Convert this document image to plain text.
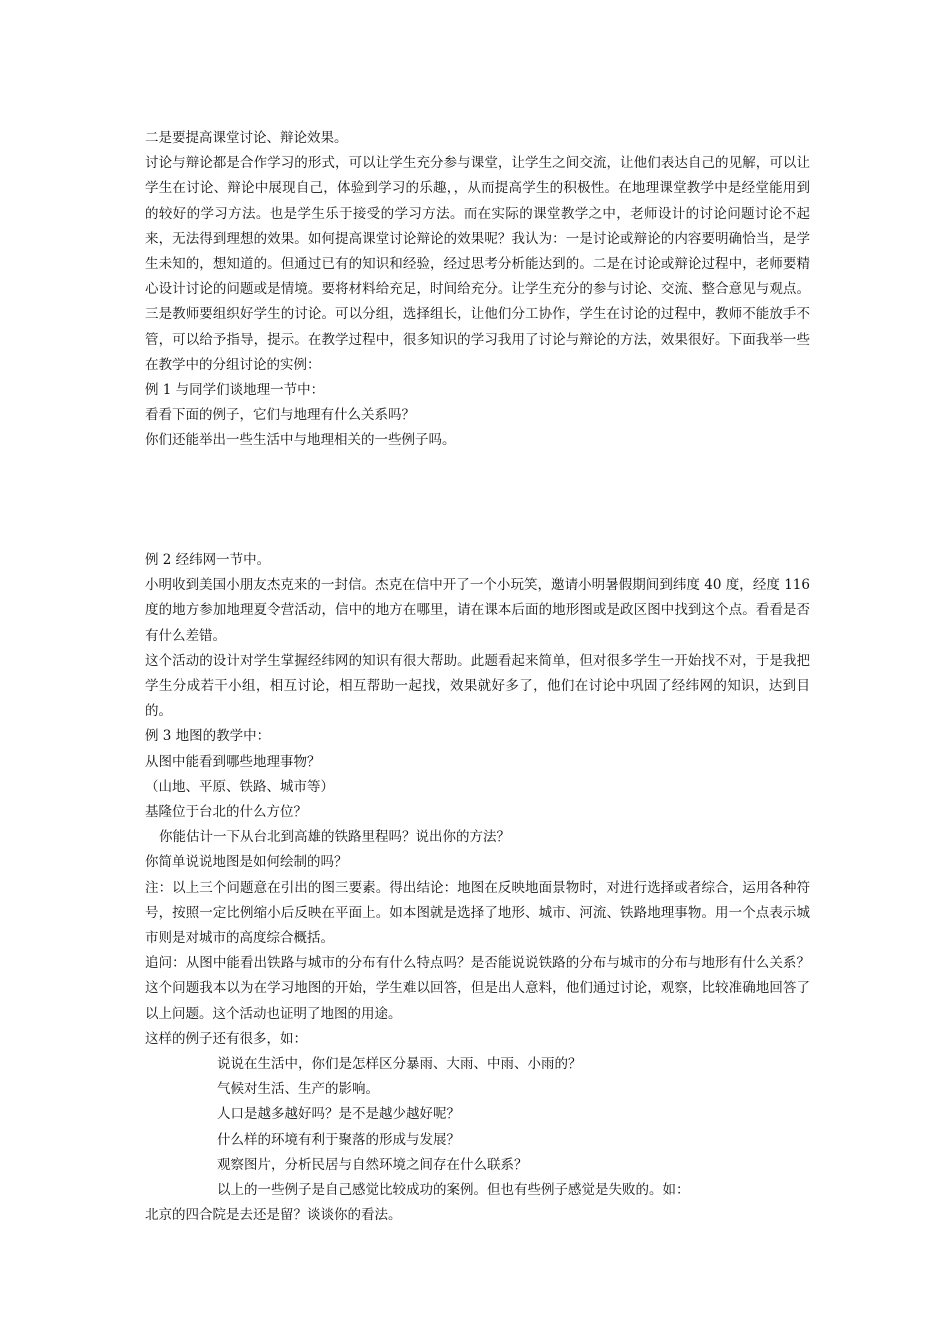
二是要提高课堂讨论、辩论效果。
讨论与辩论都是合作学习的形式，可以让学生充分参与课堂，让学生之间交流，让他们表达自己的见解，可以让学生在讨论、辩论中展现自己，体验到学习的乐趣，，从而提高学生的积极性。在地理课堂教学中是经堂能用到的较好的学习方法。也是学生乐于接受的学习方法。而在实际的课堂教学之中，老师设计的讨论问题讨论不起来，无法得到理想的效果。如何提高课堂讨论辩论的效果呢？我认为：一是讨论或辩论的内容要明确恰当，是学生未知的，想知道的。但通过已有的知识和经验，经过思考分析能达到的。二是在讨论或辩论过程中，老师要精心设计讨论的问题或是情境。要将材料给充足，时间给充分。让学生充分的参与讨论、交流、整合意见与观点。三是教师要组织好学生的讨论。可以分组，选择组长，让他们分工协作，学生在讨论的过程中，教师不能放手不管，可以给予指导，提示。在教学过程中，很多知识的学习我用了讨论与辩论的方法，效果很好。下面我举一些在教学中的分组讨论的实例：
例 1 与同学们谈地理一节中：
看看下面的例子，它们与地理有什么关系吗？
你们还能举出一些生活中与地理相关的一些例子吗。
例 2 经纬网一节中。
小明收到美国小朋友杰克来的一封信。杰克在信中开了一个小玩笑，邀请小明暑假期间到纬度 40 度，经度 116 度的地方参加地理夏令营活动，信中的地方在哪里，请在课本后面的地形图或是政区图中找到这个点。看看是否有什么差错。
这个活动的设计对学生掌握经纬网的知识有很大帮助。此题看起来简单，但对很多学生一开始找不对，于是我把学生分成若干小组，相互讨论，相互帮助一起找，效果就好多了，他们在讨论中巩固了经纬网的知识，达到目的。
例 3 地图的教学中：
从图中能看到哪些地理事物？
（山地、平原、铁路、城市等）
基隆位于台北的什么方位？
你能估计一下从台北到高雄的铁路里程吗？说出你的方法？
你简单说说地图是如何绘制的吗？
注：以上三个问题意在引出的图三要素。得出结论：地图在反映地面景物时，对进行选择或者综合，运用各种符号，按照一定比例缩小后反映在平面上。如本图就是选择了地形、城市、河流、铁路地理事物。用一个点表示城市则是对城市的高度综合概括。
追问：从图中能看出铁路与城市的分布有什么特点吗？是否能说说铁路的分布与城市的分布与地形有什么关系？这个问题我本以为在学习地图的开始，学生难以回答，但是出人意料，他们通过讨论，观察，比较准确地回答了以上问题。这个活动也证明了地图的用途。
这样的例子还有很多，如：
说说在生活中，你们是怎样区分暴雨、大雨、中雨、小雨的？
气候对生活、生产的影响。
人口是越多越好吗？是不是越少越好呢？
什么样的环境有利于聚落的形成与发展？
观察图片，分析民居与自然环境之间存在什么联系？
以上的一些例子是自己感觉比较成功的案例。但也有些例子感觉是失败的。如：
北京的四合院是去还是留？谈谈你的看法。
